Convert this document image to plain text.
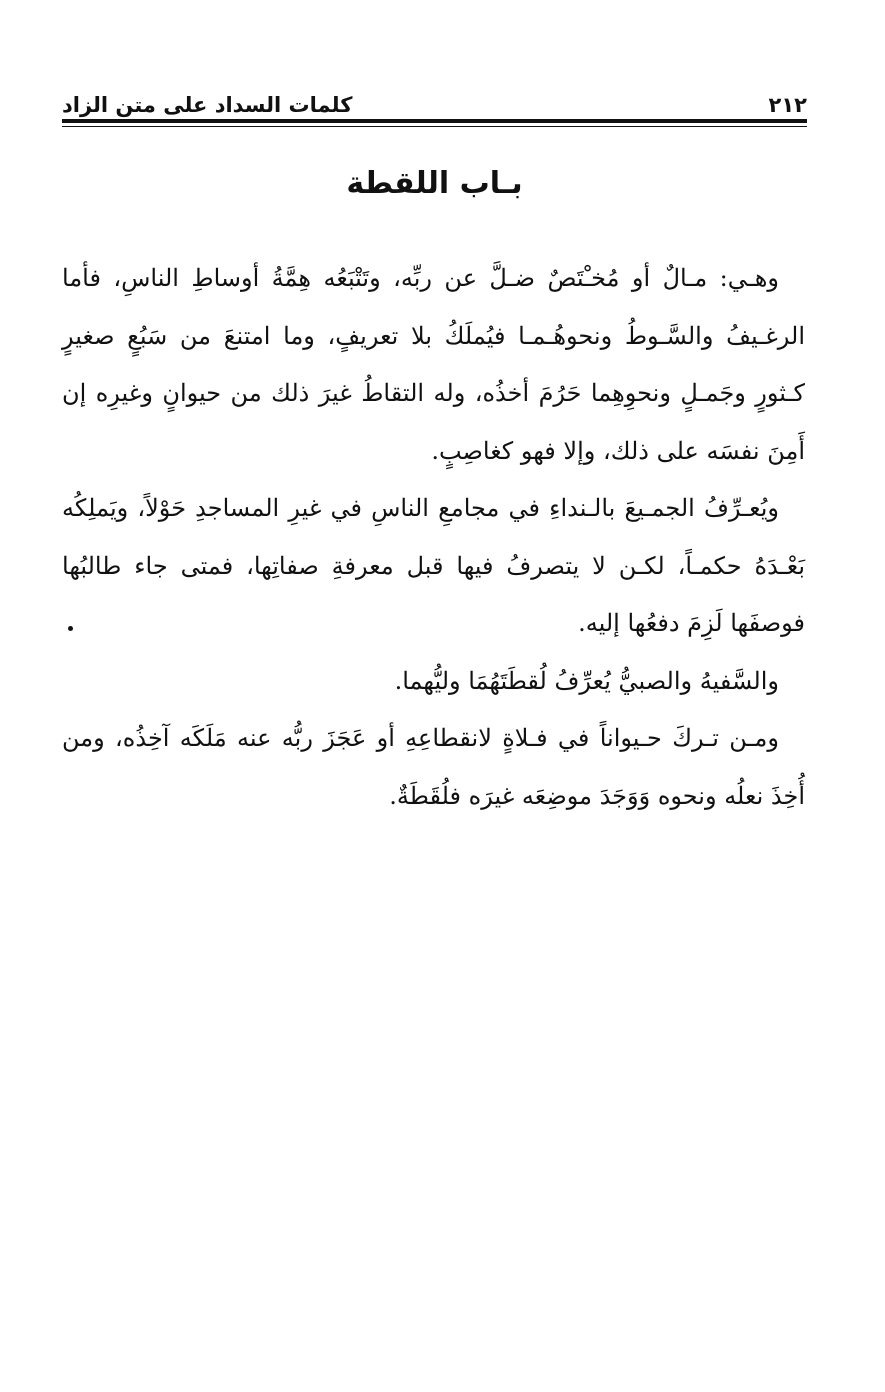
٢١٢
كلمات السداد على متن الزاد
بـاب اللقطة

وهـي: مـالٌ أو مُخـْتَصٌ ضـلَّ عن ربِّه، وتَتْبَعُه هِمَّةُ أوساطِ الناسِ، فأما الرغـيفُ والسَّـوطُ ونحوهُـمـا فيُملَكُ بلا تعريفٍ، وما امتنعَ من سَبُعٍ صغيرٍ كـثورٍ وجَمـلٍ ونحوِهِما حَرُمَ أخذُه، وله التقاطُ غيرَ ذلك من حيوانٍ وغيرِه إن أَمِنَ نفسَه على ذلك، وإلا فهو كغاصِبٍ.

ويُعـرِّفُ الجمـيعَ بالـنداءِ في مجامعِ الناسِ في غيرِ المساجدِ حَوْلاً، ويَملِكُه بَعْـدَهُ حكمـاً، لكـن لا يتصرفُ فيها قبل معرفةِ صفاتِها، فمتى جاء طالبُها فوصفَها لَزِمَ دفعُها إليه.

والسَّفيهُ والصبيُّ يُعرِّفُ لُقطَتَهُمَا وليُّهما.

ومـن تـركَ حـيواناً في فـلاةٍ لانقطاعِهِ أو عَجَزَ ربُّه عنه مَلَكَه آخِذُه، ومن أُخِذَ نعلُه ونحوه وَوَجَدَ موضِعَه غيرَه فلُقَطَةٌ.
